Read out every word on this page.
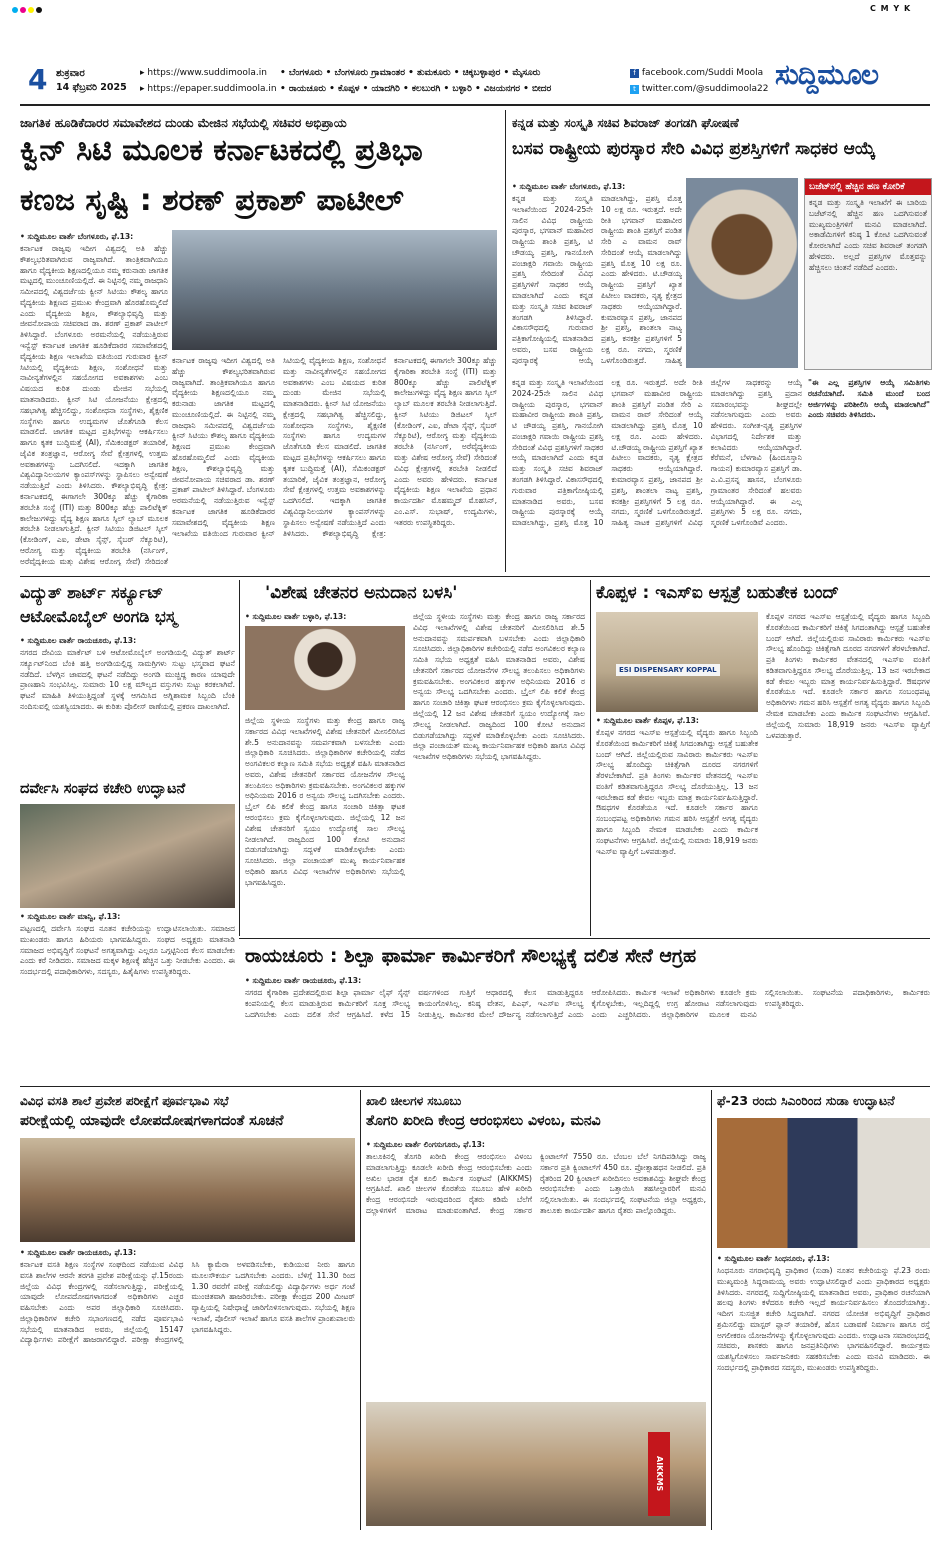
C M Y K
4 ಶುಕ್ರವಾರ
14 ಫೆಬ್ರವರಿ 2025
▸ https://www.suddimoola.in
▸ https://epaper.suddimoola.in
• ಬೆಂಗಳೂರು • ಬೆಂಗಳೂರು ಗ್ರಾಮಾಂತರ • ತುಮಕೂರು • ಚಿಕ್ಕಬಳ್ಳಾಪುರ • ಮೈಸೂರು
• ರಾಯಚೂರು • ಕೊಪ್ಪಳ • ಯಾದಗಿರಿ • ಕಲಬುರಗಿ • ಬಳ್ಳಾರಿ • ವಿಜಯನಗರ • ಬೀದರ
f facebook.com/Suddi Moola
t twitter.com/@suddimoola22 ಸುದ್ದಿಮೂಲ
ಜಾಗತಿಕ ಹೂಡಿಕೆದಾರರ ಸಮಾವೇಶದ ದುಂಡು ಮೇಜಿನ ಸಭೆಯಲ್ಲಿ ಸಚಿವರ ಅಭಿಪ್ರಾಯ
ಕ್ವಿನ್ ಸಿಟಿ ಮೂಲಕ ಕರ್ನಾಟಕದಲ್ಲಿ ಪ್ರತಿಭಾ
ಕಣಜ ಸೃಷ್ಟಿ : ಶರಣ್ ಪ್ರಕಾಶ್ ಪಾಟೀಲ್
• ಸುದ್ದಿಮೂಲ ವಾರ್ತೆ ಬೆಂಗಳೂರು, ಫೆ.13:
ಕರ್ನಾಟಕ ರಾಜ್ಯವು ಇದೀಗ ವಿಶ್ವದಲ್ಲಿ ಅತಿ ಹೆಚ್ಚು ಕೌಶಲ್ಯಭರಿತವಾಗಿರುವ ರಾಜ್ಯವಾಗಿದೆ. ತಾಂತ್ರಿಕವಾಗಿಯೂ ಹಾಗೂ ವೈದ್ಯಕೀಯ ಶಿಕ್ಷಣದಲ್ಲಿಯೂ ನಮ್ಮ ಕರುನಾಡು ಜಾಗತಿಕ ಮಟ್ಟದಲ್ಲಿ ಮುಂಚೂಣಿಯಲ್ಲಿದೆ. ಈ ನಿಟ್ಟಿನಲ್ಲಿ ನಮ್ಮ ರಾಜಧಾನಿ ಸಮೀಪದಲ್ಲಿ ವಿಶ್ವದರ್ಜೆಯ ಕ್ವೀನ್ ಸಿಟಿಯು ಕೌಶಲ್ಯ ಹಾಗೂ ವೈದ್ಯಕೀಯ ಶಿಕ್ಷಣದ ಪ್ರಮುಖ ಕೇಂದ್ರವಾಗಿ ಹೊರಹೊಮ್ಮಲಿದೆ ಎಂದು ವೈದ್ಯಕೀಯ ಶಿಕ್ಷಣ, ಕೌಶಲ್ಯಾಭಿವೃದ್ಧಿ ಮತ್ತು ಜೀವನೋಪಾಯ ಸಚಿವರಾದ ಡಾ. ಶರಣ್ ಪ್ರಕಾಶ್ ಪಾಟೀಲ್ ತಿಳಿಸಿದ್ದಾರೆ. ಬೆಂಗಳೂರು ಅರಮನೆಯಲ್ಲಿ ನಡೆಯುತ್ತಿರುವ ಇನ್ವೆಸ್ಟ್ ಕರ್ನಾಟಕ ಜಾಗತಿಕ ಹೂಡಿಕೆದಾರರ ಸಮಾವೇಶದಲ್ಲಿ ವೈದ್ಯಕೀಯ ಶಿಕ್ಷಣ ಇಲಾಖೆಯ ವತಿಯಿಂದ ಗುರುವಾರ ಕ್ವೀನ್ ಸಿಟಿಯಲ್ಲಿ ವೈದ್ಯಕೀಯ ಶಿಕ್ಷಣ, ಸಂಶೋಧನೆ ಮತ್ತು ನಾವೀನ್ಯತೆಗಳಲ್ಲಿನ ಸಹಯೋಗದ ಅವಕಾಶಗಳು ಎಂಬ ವಿಷಯದ ಕುರಿತ ದುಂಡು ಮೇಜಿನ ಸಭೆಯಲ್ಲಿ ಮಾತನಾಡಿದರು. ಕ್ವೀನ್ ಸಿಟಿ ಯೋಜನೆಯು ಕ್ಷೇತ್ರದಲ್ಲಿ ಸಹಭಾಗಿತ್ವ ಹೆಚ್ಚಿಸಲಿದ್ದು, ಸಂಶೋಧನಾ ಸಂಸ್ಥೆಗಳು, ಶೈಕ್ಷಣಿಕ ಸಂಸ್ಥೆಗಳು ಹಾಗೂ ಉದ್ಯಮಗಳ ಜೊತೆಗೂಡಿ ಕೆಲಸ ಮಾಡಲಿದೆ. ಜಾಗತಿಕ ಮಟ್ಟದ ಪ್ರತಿಭೆಗಳನ್ನು ಆಕರ್ಷಿಸಲು ಹಾಗೂ ಕೃತಕ ಬುದ್ಧಿಮತ್ತೆ (AI), ಸೆಮಿಕಂಡಕ್ಟರ್ ತಯಾರಿಕೆ, ಜೈವಿಕ ತಂತ್ರಜ್ಞಾನ, ಆರೋಗ್ಯ ಸೇವೆ ಕ್ಷೇತ್ರಗಳಲ್ಲಿ ಉತ್ತಮ ಅವಕಾಶಗಳನ್ನು ಒದಗಿಸಲಿದೆ. ಇದಕ್ಕಾಗಿ ಜಾಗತಿಕ ವಿಶ್ವವಿದ್ಯಾನಿಲಯಗಳ ಕ್ಯಾಂಪಸ್‌ಗಳನ್ನು ಸ್ಥಾಪಿಸಲು ಅನ್ವೇಷಣೆ ನಡೆಯುತ್ತಿದೆ ಎಂದು ತಿಳಿಸಿದರು. ಕೌಶಲ್ಯಾಭಿವೃದ್ಧಿ ಕ್ಷೇತ್ರ: ಕರ್ನಾಟಕದಲ್ಲಿ ಈಗಾಗಲೇ 300ಕ್ಕೂ ಹೆಚ್ಚು ಕೈಗಾರಿಕಾ ತರಬೇತಿ ಸಂಸ್ಥೆ (ITI) ಮತ್ತು 800ಕ್ಕೂ ಹೆಚ್ಚು ಪಾಲಿಟೆಕ್ನಿಕ್ ಕಾಲೇಜುಗಳಿದ್ದು ವೈದ್ಯ ಶಿಕ್ಷಣ ಹಾಗೂ ಸ್ಕಿಲ್ ಲ್ಯಾಬ್ ಮೂಲಕ ತರಬೇತಿ ನೀಡಲಾಗುತ್ತಿದೆ. ಕ್ವೀನ್ ಸಿಟಿಯು ಡಿಜಿಟಲ್ ಸ್ಕಿಲ್ (ಕೋಡಿಂಗ್, ಎಐ, ಡೇಟಾ ಸೈನ್ಸ್, ಸೈಬರ್ ಸೆಕ್ಯೂರಿಟಿ), ಆರೋಗ್ಯ ಮತ್ತು ವೈದ್ಯಕೀಯ ತರಬೇತಿ (ನರ್ಸಿಂಗ್, ಅರೆವೈದ್ಯಕೀಯ ಮತ್ತು ವಿಶೇಷ ಆರೋಗ್ಯ ಸೇವೆ) ಸೇರಿದಂತೆ
ಕರ್ನಾಟಕ ರಾಜ್ಯವು ಇದೀಗ ವಿಶ್ವದಲ್ಲಿ ಅತಿ ಹೆಚ್ಚು ಕೌಶಲ್ಯಭರಿತವಾಗಿರುವ ರಾಜ್ಯವಾಗಿದೆ. ತಾಂತ್ರಿಕವಾಗಿಯೂ ಹಾಗೂ ವೈದ್ಯಕೀಯ ಶಿಕ್ಷಣದಲ್ಲಿಯೂ ನಮ್ಮ ಕರುನಾಡು ಜಾಗತಿಕ ಮಟ್ಟದಲ್ಲಿ ಮುಂಚೂಣಿಯಲ್ಲಿದೆ. ಈ ನಿಟ್ಟಿನಲ್ಲಿ ನಮ್ಮ ರಾಜಧಾನಿ ಸಮೀಪದಲ್ಲಿ ವಿಶ್ವದರ್ಜೆಯ ಕ್ವೀನ್ ಸಿಟಿಯು ಕೌಶಲ್ಯ ಹಾಗೂ ವೈದ್ಯಕೀಯ ಶಿಕ್ಷಣದ ಪ್ರಮುಖ ಕೇಂದ್ರವಾಗಿ ಹೊರಹೊಮ್ಮಲಿದೆ ಎಂದು ವೈದ್ಯಕೀಯ ಶಿಕ್ಷಣ, ಕೌಶಲ್ಯಾಭಿವೃದ್ಧಿ ಮತ್ತು ಜೀವನೋಪಾಯ ಸಚಿವರಾದ ಡಾ. ಶರಣ್ ಪ್ರಕಾಶ್ ಪಾಟೀಲ್ ತಿಳಿಸಿದ್ದಾರೆ. ಬೆಂಗಳೂರು ಅರಮನೆಯಲ್ಲಿ ನಡೆಯುತ್ತಿರುವ ಇನ್ವೆಸ್ಟ್ ಕರ್ನಾಟಕ ಜಾಗತಿಕ ಹೂಡಿಕೆದಾರರ ಸಮಾವೇಶದಲ್ಲಿ ವೈದ್ಯಕೀಯ ಶಿಕ್ಷಣ ಇಲಾಖೆಯ ವತಿಯಿಂದ ಗುರುವಾರ ಕ್ವೀನ್ ಸಿಟಿಯಲ್ಲಿ ವೈದ್ಯಕೀಯ ಶಿಕ್ಷಣ, ಸಂಶೋಧನೆ ಮತ್ತು ನಾವೀನ್ಯತೆಗಳಲ್ಲಿನ ಸಹಯೋಗದ ಅವಕಾಶಗಳು ಎಂಬ ವಿಷಯದ ಕುರಿತ ದುಂಡು ಮೇಜಿನ ಸಭೆಯಲ್ಲಿ ಮಾತನಾಡಿದರು. ಕ್ವೀನ್ ಸಿಟಿ ಯೋಜನೆಯು ಕ್ಷೇತ್ರದಲ್ಲಿ ಸಹಭಾಗಿತ್ವ ಹೆಚ್ಚಿಸಲಿದ್ದು, ಸಂಶೋಧನಾ ಸಂಸ್ಥೆಗಳು, ಶೈಕ್ಷಣಿಕ ಸಂಸ್ಥೆಗಳು ಹಾಗೂ ಉದ್ಯಮಗಳ ಜೊತೆಗೂಡಿ ಕೆಲಸ ಮಾಡಲಿದೆ. ಜಾಗತಿಕ ಮಟ್ಟದ ಪ್ರತಿಭೆಗಳನ್ನು ಆಕರ್ಷಿಸಲು ಹಾಗೂ ಕೃತಕ ಬುದ್ಧಿಮತ್ತೆ (AI), ಸೆಮಿಕಂಡಕ್ಟರ್ ತಯಾರಿಕೆ, ಜೈವಿಕ ತಂತ್ರಜ್ಞಾನ, ಆರೋಗ್ಯ ಸೇವೆ ಕ್ಷೇತ್ರಗಳಲ್ಲಿ ಉತ್ತಮ ಅವಕಾಶಗಳನ್ನು ಒದಗಿಸಲಿದೆ. ಇದಕ್ಕಾಗಿ ಜಾಗತಿಕ ವಿಶ್ವವಿದ್ಯಾನಿಲಯಗಳ ಕ್ಯಾಂಪಸ್‌ಗಳನ್ನು ಸ್ಥಾಪಿಸಲು ಅನ್ವೇಷಣೆ ನಡೆಯುತ್ತಿದೆ ಎಂದು ತಿಳಿಸಿದರು. ಕೌಶಲ್ಯಾಭಿವೃದ್ಧಿ ಕ್ಷೇತ್ರ: ಕರ್ನಾಟಕದಲ್ಲಿ ಈಗಾಗಲೇ 300ಕ್ಕೂ ಹೆಚ್ಚು ಕೈಗಾರಿಕಾ ತರಬೇತಿ ಸಂಸ್ಥೆ (ITI) ಮತ್ತು 800ಕ್ಕೂ ಹೆಚ್ಚು ಪಾಲಿಟೆಕ್ನಿಕ್ ಕಾಲೇಜುಗಳಿದ್ದು ವೈದ್ಯ ಶಿಕ್ಷಣ ಹಾಗೂ ಸ್ಕಿಲ್ ಲ್ಯಾಬ್ ಮೂಲಕ ತರಬೇತಿ ನೀಡಲಾಗುತ್ತಿದೆ. ಕ್ವೀನ್ ಸಿಟಿಯು ಡಿಜಿಟಲ್ ಸ್ಕಿಲ್ (ಕೋಡಿಂಗ್, ಎಐ, ಡೇಟಾ ಸೈನ್ಸ್, ಸೈಬರ್ ಸೆಕ್ಯೂರಿಟಿ), ಆರೋಗ್ಯ ಮತ್ತು ವೈದ್ಯಕೀಯ ತರಬೇತಿ (ನರ್ಸಿಂಗ್, ಅರೆವೈದ್ಯಕೀಯ ಮತ್ತು ವಿಶೇಷ ಆರೋಗ್ಯ ಸೇವೆ) ಸೇರಿದಂತೆ ವಿವಿಧ ಕ್ಷೇತ್ರಗಳಲ್ಲಿ ತರಬೇತಿ ನೀಡಲಿದೆ ಎಂದು ಅವರು ಹೇಳಿದರು. ಕರ್ನಾಟಕ ವೈದ್ಯಕೀಯ ಶಿಕ್ಷಣ ಇಲಾಖೆಯ ಪ್ರಧಾನ ಕಾರ್ಯದರ್ಶಿ ಮೊಹಮ್ಮದ್ ಮೊಹಸಿನ್, ಎಂ.ಎಸ್. ಸುಭಾಷ್, ಉದ್ಯಮಿಗಳು, ಇತರರು ಉಪಸ್ಥಿತರಿದ್ದರು.
ಕನ್ನಡ ಮತ್ತು ಸಂಸ್ಕೃತಿ ಸಚಿವ ಶಿವರಾಜ್ ತಂಗಡಗಿ ಘೋಷಣೆ
ಬಸವ ರಾಷ್ಟ್ರೀಯ ಪುರಸ್ಕಾರ ಸೇರಿ ವಿವಿಧ ಪ್ರಶಸ್ತಿಗಳಿಗೆ ಸಾಧಕರ ಆಯ್ಕೆ
• ಸುದ್ದಿಮೂಲ ವಾರ್ತೆ ಬೆಂಗಳೂರು, ಫೆ.13:
ಕನ್ನಡ ಮತ್ತು ಸಂಸ್ಕೃತಿ ಇಲಾಖೆಯಿಂದ 2024-25ನೇ ಸಾಲಿನ ವಿವಿಧ ರಾಷ್ಟ್ರೀಯ ಪುರಸ್ಕಾರ, ಭಗವಾನ್ ಮಹಾವೀರ ರಾಷ್ಟ್ರೀಯ ಶಾಂತಿ ಪ್ರಶಸ್ತಿ, ಟಿ ಚೌಡಯ್ಯ ಪ್ರಶಸ್ತಿ, ಗಾನಯೋಗಿ ಪಂಚಾಕ್ಷರಿ ಗವಾಯಿ ರಾಷ್ಟ್ರೀಯ ಪ್ರಶಸ್ತಿ ಸೇರಿದಂತೆ ವಿವಿಧ ಪ್ರಶಸ್ತಿಗಳಿಗೆ ಸಾಧಕರ ಆಯ್ಕೆ ಮಾಡಲಾಗಿದೆ ಎಂದು ಕನ್ನಡ ಮತ್ತು ಸಂಸ್ಕೃತಿ ಸಚಿವ ಶಿವರಾಜ್ ತಂಗಡಗಿ ತಿಳಿಸಿದ್ದಾರೆ. ವಿಕಾಸಸೌಧದಲ್ಲಿ ಗುರುವಾರ ಪತ್ರಿಕಾಗೋಷ್ಠಿಯಲ್ಲಿ ಮಾತನಾಡಿದ ಅವರು, ಬಸವ ರಾಷ್ಟ್ರೀಯ ಪುರಸ್ಕಾರಕ್ಕೆ ಆಯ್ಕೆ ಮಾಡಲಾಗಿದ್ದು, ಪ್ರಶಸ್ತಿ ಮೊತ್ತ 10 ಲಕ್ಷ ರೂ. ಇರುತ್ತದೆ. ಅದೇ ರೀತಿ ಭಗವಾನ್ ಮಹಾವೀರ ರಾಷ್ಟ್ರೀಯ ಶಾಂತಿ ಪ್ರಶಸ್ತಿಗೆ ಪಂಡಿತ ಸೇರಿ ಎ ವಾಮನ ರಾವ್ ಸೇರಿದಂತೆ ಆಯ್ಕೆ ಮಾಡಲಾಗಿದ್ದು ಪ್ರಶಸ್ತಿ ಮೊತ್ತ 10 ಲಕ್ಷ ರೂ. ಎಂದು ಹೇಳಿದರು. ಟಿ.ಚೌಡಯ್ಯ ರಾಷ್ಟ್ರೀಯ ಪ್ರಶಸ್ತಿಗೆ ಖ್ಯಾತ ಪಿಟೀಲು ವಾದಕರು, ನೃತ್ಯ ಕ್ಷೇತ್ರದ ಸಾಧಕರು ಆಯ್ಕೆಯಾಗಿದ್ದಾರೆ. ಕುಮಾರವ್ಯಾಸ ಪ್ರಶಸ್ತಿ, ಜಾನಪದ ಶ್ರೀ ಪ್ರಶಸ್ತಿ, ಶಾಂತಲಾ ನಾಟ್ಯ ಪ್ರಶಸ್ತಿ, ಕನಕಶ್ರೀ ಪ್ರಶಸ್ತಿಗಳಿಗೆ 5 ಲಕ್ಷ ರೂ. ನಗದು, ಸ್ಮರಣಿಕೆ ಒಳಗೊಂಡಿರುತ್ತದೆ. ಸಾಹಿತ್ಯ
ಬಜೆಟ್‌ನಲ್ಲಿ ಹೆಚ್ಚಿನ ಹಣ ಕೋರಿಕೆ
ಕನ್ನಡ ಮತ್ತು ಸಂಸ್ಕೃತಿ ಇಲಾಖೆಗೆ ಈ ಬಾರಿಯ ಬಜೆಟ್‌ನಲ್ಲಿ ಹೆಚ್ಚಿನ ಹಣ ಒದಗಿಸುವಂತೆ ಮುಖ್ಯಮಂತ್ರಿಗಳಿಗೆ ಮನವಿ ಮಾಡಲಾಗಿದೆ. ಅಕಾಡೆಮಿಗಳಿಗೆ ಕನಿಷ್ಠ 1 ಕೋಟಿ ಒದಗಿಸುವಂತೆ ಕೋರಲಾಗಿದೆ ಎಂದು ಸಚಿವ ಶಿವರಾಜ್ ತಂಗಡಗಿ ಹೇಳಿದರು. ಅಲ್ಲದೆ ಪ್ರಶಸ್ತಿಗಳ ಮೊತ್ತವನ್ನು ಹೆಚ್ಚಿಸಲು ಚಿಂತನೆ ನಡೆದಿದೆ ಎಂದರು.
ಕನ್ನಡ ಮತ್ತು ಸಂಸ್ಕೃತಿ ಇಲಾಖೆಯಿಂದ 2024-25ನೇ ಸಾಲಿನ ವಿವಿಧ ರಾಷ್ಟ್ರೀಯ ಪುರಸ್ಕಾರ, ಭಗವಾನ್ ಮಹಾವೀರ ರಾಷ್ಟ್ರೀಯ ಶಾಂತಿ ಪ್ರಶಸ್ತಿ, ಟಿ ಚೌಡಯ್ಯ ಪ್ರಶಸ್ತಿ, ಗಾನಯೋಗಿ ಪಂಚಾಕ್ಷರಿ ಗವಾಯಿ ರಾಷ್ಟ್ರೀಯ ಪ್ರಶಸ್ತಿ ಸೇರಿದಂತೆ ವಿವಿಧ ಪ್ರಶಸ್ತಿಗಳಿಗೆ ಸಾಧಕರ ಆಯ್ಕೆ ಮಾಡಲಾಗಿದೆ ಎಂದು ಕನ್ನಡ ಮತ್ತು ಸಂಸ್ಕೃತಿ ಸಚಿವ ಶಿವರಾಜ್ ತಂಗಡಗಿ ತಿಳಿಸಿದ್ದಾರೆ. ವಿಕಾಸಸೌಧದಲ್ಲಿ ಗುರುವಾರ ಪತ್ರಿಕಾಗೋಷ್ಠಿಯಲ್ಲಿ ಮಾತನಾಡಿದ ಅವರು, ಬಸವ ರಾಷ್ಟ್ರೀಯ ಪುರಸ್ಕಾರಕ್ಕೆ ಆಯ್ಕೆ ಮಾಡಲಾಗಿದ್ದು, ಪ್ರಶಸ್ತಿ ಮೊತ್ತ 10 ಲಕ್ಷ ರೂ. ಇರುತ್ತದೆ. ಅದೇ ರೀತಿ ಭಗವಾನ್ ಮಹಾವೀರ ರಾಷ್ಟ್ರೀಯ ಶಾಂತಿ ಪ್ರಶಸ್ತಿಗೆ ಪಂಡಿತ ಸೇರಿ ಎ ವಾಮನ ರಾವ್ ಸೇರಿದಂತೆ ಆಯ್ಕೆ ಮಾಡಲಾಗಿದ್ದು ಪ್ರಶಸ್ತಿ ಮೊತ್ತ 10 ಲಕ್ಷ ರೂ. ಎಂದು ಹೇಳಿದರು. ಟಿ.ಚೌಡಯ್ಯ ರಾಷ್ಟ್ರೀಯ ಪ್ರಶಸ್ತಿಗೆ ಖ್ಯಾತ ಪಿಟೀಲು ವಾದಕರು, ನೃತ್ಯ ಕ್ಷೇತ್ರದ ಸಾಧಕರು ಆಯ್ಕೆಯಾಗಿದ್ದಾರೆ. ಕುಮಾರವ್ಯಾಸ ಪ್ರಶಸ್ತಿ, ಜಾನಪದ ಶ್ರೀ ಪ್ರಶಸ್ತಿ, ಶಾಂತಲಾ ನಾಟ್ಯ ಪ್ರಶಸ್ತಿ, ಕನಕಶ್ರೀ ಪ್ರಶಸ್ತಿಗಳಿಗೆ 5 ಲಕ್ಷ ರೂ. ನಗದು, ಸ್ಮರಣಿಕೆ ಒಳಗೊಂಡಿರುತ್ತದೆ. ಸಾಹಿತ್ಯ ನಾಟಕ ಪ್ರಶಸ್ತಿಗಳಿಗೆ ವಿವಿಧ ಜಿಲ್ಲೆಗಳ ಸಾಧಕರನ್ನು ಆಯ್ಕೆ ಮಾಡಲಾಗಿದ್ದು ಪ್ರಶಸ್ತಿ ಪ್ರದಾನ ಸಮಾರಂಭವನ್ನು ಶೀಘ್ರದಲ್ಲೇ ನಡೆಸಲಾಗುವುದು ಎಂದು ಅವರು ಹೇಳಿದರು. ಸಂಗೀತ-ನೃತ್ಯ ಪ್ರಶಸ್ತಿಗಳ ವಿಭಾಗದಲ್ಲಿ ನಿರ್ದೇಶಕ ಮತ್ತು ಕಲಾವಿದರು ಆಯ್ಕೆಯಾಗಿದ್ದಾರೆ. ಕೆರೆಮನೆ, ಬೆಳಗಾವಿ (ಹಿಂದೂಸ್ತಾನಿ ಗಾಯನ) ಕುಮಾರವ್ಯಾಸ ಪ್ರಶಸ್ತಿಗೆ ಡಾ. ಎ.ವಿ.ಪ್ರಸನ್ನ ಹಾಸನ, ಬೆಂಗಳೂರು ಗ್ರಾಮಾಂತರ ಸೇರಿದಂತೆ ಹಲವರು ಆಯ್ಕೆಯಾಗಿದ್ದಾರೆ. ಈ ಎಲ್ಲ ಪ್ರಶಸ್ತಿಗಳು 5 ಲಕ್ಷ ರೂ. ನಗದು, ಸ್ಮರಣಿಕೆ ಒಳಗೊಂಡಿವೆ ಎಂದರು.
"ಈ ಎಲ್ಲ ಪ್ರಶಸ್ತಿಗಳ ಆಯ್ಕೆ ಸಮಿತಿಗಳು ರಚನೆಯಾಗಿದೆ. ಸಮಿತಿ ಮುಂದೆ ಬಂದ ಅರ್ಜಿಗಳನ್ನು ಪರಿಶೀಲಿಸಿ ಆಯ್ಕೆ ಮಾಡಲಾಗಿದೆ" ಎಂದು ಸಚಿವರು ತಿಳಿಸಿದರು.
ವಿದ್ಯುತ್ ಶಾರ್ಟ್ ಸರ್ಕ್ಯೂಟ್
ಆಟೋಮೊಬೈಲ್ ಅಂಗಡಿ ಭಸ್ಮ
• ಸುದ್ದಿಮೂಲ ವಾರ್ತೆ ರಾಯಚೂರು, ಫೆ.13:
ನಗರದ ದೇವಿಯ ಮಾರ್ಕೆಟ್ ಬಳಿ ಆಟೋಮೊಬೈಲ್ ಅಂಗಡಿಯಲ್ಲಿ ವಿದ್ಯುತ್ ಶಾರ್ಟ್ ಸರ್ಕ್ಯೂಟ್‌ನಿಂದ ಬೆಂಕಿ ಹತ್ತಿ ಅಂಗಡಿಯಲ್ಲಿದ್ದ ಸಾಮಗ್ರಿಗಳು ಸುಟ್ಟು ಭಸ್ಮವಾದ ಘಟನೆ ನಡೆದಿದೆ. ಬೆಳಗ್ಗಿನ ಜಾವದಲ್ಲಿ ಘಟನೆ ನಡೆದಿದ್ದು ಅಂಗಡಿ ಮುಚ್ಚಿದ್ದ ಕಾರಣ ಯಾವುದೇ ಪ್ರಾಣಹಾನಿ ಸಂಭವಿಸಿಲ್ಲ. ಸುಮಾರು 10 ಲಕ್ಷ ಮೌಲ್ಯದ ವಸ್ತುಗಳು ಸುಟ್ಟು ಕರಕಲಾಗಿವೆ. ಘಟನೆ ಮಾಹಿತಿ ತಿಳಿಯುತ್ತಿದ್ದಂತೆ ಸ್ಥಳಕ್ಕೆ ಆಗಮಿಸಿದ ಅಗ್ನಿಶಾಮಕ ಸಿಬ್ಬಂದಿ ಬೆಂಕಿ ನಂದಿಸುವಲ್ಲಿ ಯಶಸ್ವಿಯಾದರು. ಈ ಕುರಿತು ಪೊಲೀಸ್ ಠಾಣೆಯಲ್ಲಿ ಪ್ರಕರಣ ದಾಖಲಾಗಿದೆ.
ದರ್ವೇಸಿ ಸಂಘದ ಕಚೇರಿ ಉದ್ಘಾಟನೆ
• ಸುದ್ದಿಮೂಲ ವಾರ್ತೆ ಮಾನ್ವಿ, ಫೆ.13:
ಪಟ್ಟಣದಲ್ಲಿ ದರ್ವೇಸಿ ಸಂಘದ ನೂತನ ಕಚೇರಿಯನ್ನು ಉದ್ಘಾಟಿಸಲಾಯಿತು. ಸಮಾಜದ ಮುಖಂಡರು ಹಾಗೂ ಹಿರಿಯರು ಭಾಗವಹಿಸಿದ್ದರು. ಸಂಘದ ಅಧ್ಯಕ್ಷರು ಮಾತನಾಡಿ ಸಮಾಜದ ಅಭಿವೃದ್ಧಿಗೆ ಸಂಘಟನೆ ಅಗತ್ಯವಾಗಿದ್ದು ಎಲ್ಲರೂ ಒಗ್ಗಟ್ಟಿನಿಂದ ಕೆಲಸ ಮಾಡಬೇಕು ಎಂದು ಕರೆ ನೀಡಿದರು. ಸಮಾಜದ ಮಕ್ಕಳ ಶಿಕ್ಷಣಕ್ಕೆ ಹೆಚ್ಚಿನ ಒತ್ತು ನೀಡಬೇಕು ಎಂದರು. ಈ ಸಂದರ್ಭದಲ್ಲಿ ಪದಾಧಿಕಾರಿಗಳು, ಸದಸ್ಯರು, ಹಿತೈಷಿಗಳು ಉಪಸ್ಥಿತರಿದ್ದರು.
'ವಿಶೇಷ ಚೇತನರ ಅನುದಾನ ಬಳಸಿ'
• ಸುದ್ದಿಮೂಲ ವಾರ್ತೆ ಬಳ್ಳಾರಿ, ಫೆ.13:
ಜಿಲ್ಲೆಯ ಸ್ಥಳೀಯ ಸಂಸ್ಥೆಗಳು ಮತ್ತು ಕೇಂದ್ರ ಹಾಗೂ ರಾಜ್ಯ ಸರ್ಕಾರದ ವಿವಿಧ ಇಲಾಖೆಗಳಲ್ಲಿ ವಿಶೇಷ ಚೇತನರಿಗೆ ಮೀಸಲಿರಿಸಿದ ಶೇ.5 ಅನುದಾನವನ್ನು ಸಮರ್ಪಕವಾಗಿ ಬಳಸಬೇಕು ಎಂದು ಜಿಲ್ಲಾಧಿಕಾರಿ ಸೂಚಿಸಿದರು. ಜಿಲ್ಲಾಧಿಕಾರಿಗಳ ಕಚೇರಿಯಲ್ಲಿ ನಡೆದ ಅಂಗವಿಕಲರ ಕಲ್ಯಾಣ ಸಮಿತಿ ಸಭೆಯ ಅಧ್ಯಕ್ಷತೆ ವಹಿಸಿ ಮಾತನಾಡಿದ ಅವರು, ವಿಶೇಷ ಚೇತನರಿಗೆ ಸರ್ಕಾರದ ಯೋಜನೆಗಳ ಸೌಲಭ್ಯ ತಲುಪಿಸಲು ಅಧಿಕಾರಿಗಳು ಕ್ರಮವಹಿಸಬೇಕು. ಅಂಗವಿಕಲರ ಹಕ್ಕುಗಳ ಅಧಿನಿಯಮ 2016 ರ ಅನ್ವಯ ಸೌಲಭ್ಯ ಒದಗಿಸಬೇಕು ಎಂದರು. ಬ್ರೈಲ್ ಲಿಪಿ ಕಲಿಕೆ ಕೇಂದ್ರ ಹಾಗೂ ಸಂಚಾರಿ ಚಿಕಿತ್ಸಾ ಘಟಕ ಆರಂಭಿಸಲು ಕ್ರಮ ಕೈಗೊಳ್ಳಲಾಗುವುದು. ಜಿಲ್ಲೆಯಲ್ಲಿ 12 ಜನ ವಿಶೇಷ ಚೇತನರಿಗೆ ಸ್ವಯಂ ಉದ್ಯೋಗಕ್ಕೆ ಸಾಲ ಸೌಲಭ್ಯ ನೀಡಲಾಗಿದೆ. ರಾಜ್ಯದಿಂದ 100 ಕೋಟಿ ಅನುದಾನ ಬಿಡುಗಡೆಯಾಗಿದ್ದು ಸದ್ಬಳಕೆ ಮಾಡಿಕೊಳ್ಳಬೇಕು ಎಂದು ಸೂಚಿಸಿದರು. ಜಿಲ್ಲಾ ಪಂಚಾಯತ್ ಮುಖ್ಯ ಕಾರ್ಯನಿರ್ವಾಹಕ ಅಧಿಕಾರಿ ಹಾಗೂ ವಿವಿಧ ಇಲಾಖೆಗಳ ಅಧಿಕಾರಿಗಳು ಸಭೆಯಲ್ಲಿ ಭಾಗವಹಿಸಿದ್ದರು.
ಜಿಲ್ಲೆಯ ಸ್ಥಳೀಯ ಸಂಸ್ಥೆಗಳು ಮತ್ತು ಕೇಂದ್ರ ಹಾಗೂ ರಾಜ್ಯ ಸರ್ಕಾರದ ವಿವಿಧ ಇಲಾಖೆಗಳಲ್ಲಿ ವಿಶೇಷ ಚೇತನರಿಗೆ ಮೀಸಲಿರಿಸಿದ ಶೇ.5 ಅನುದಾನವನ್ನು ಸಮರ್ಪಕವಾಗಿ ಬಳಸಬೇಕು ಎಂದು ಜಿಲ್ಲಾಧಿಕಾರಿ ಸೂಚಿಸಿದರು. ಜಿಲ್ಲಾಧಿಕಾರಿಗಳ ಕಚೇರಿಯಲ್ಲಿ ನಡೆದ ಅಂಗವಿಕಲರ ಕಲ್ಯಾಣ ಸಮಿತಿ ಸಭೆಯ ಅಧ್ಯಕ್ಷತೆ ವಹಿಸಿ ಮಾತನಾಡಿದ ಅವರು, ವಿಶೇಷ ಚೇತನರಿಗೆ ಸರ್ಕಾರದ ಯೋಜನೆಗಳ ಸೌಲಭ್ಯ ತಲುಪಿಸಲು ಅಧಿಕಾರಿಗಳು ಕ್ರಮವಹಿಸಬೇಕು. ಅಂಗವಿಕಲರ ಹಕ್ಕುಗಳ ಅಧಿನಿಯಮ 2016 ರ ಅನ್ವಯ ಸೌಲಭ್ಯ ಒದಗಿಸಬೇಕು ಎಂದರು. ಬ್ರೈಲ್ ಲಿಪಿ ಕಲಿಕೆ ಕೇಂದ್ರ ಹಾಗೂ ಸಂಚಾರಿ ಚಿಕಿತ್ಸಾ ಘಟಕ ಆರಂಭಿಸಲು ಕ್ರಮ ಕೈಗೊಳ್ಳಲಾಗುವುದು. ಜಿಲ್ಲೆಯಲ್ಲಿ 12 ಜನ ವಿಶೇಷ ಚೇತನರಿಗೆ ಸ್ವಯಂ ಉದ್ಯೋಗಕ್ಕೆ ಸಾಲ ಸೌಲಭ್ಯ ನೀಡಲಾಗಿದೆ. ರಾಜ್ಯದಿಂದ 100 ಕೋಟಿ ಅನುದಾನ ಬಿಡುಗಡೆಯಾಗಿದ್ದು ಸದ್ಬಳಕೆ ಮಾಡಿಕೊಳ್ಳಬೇಕು ಎಂದು ಸೂಚಿಸಿದರು. ಜಿಲ್ಲಾ ಪಂಚಾಯತ್ ಮುಖ್ಯ ಕಾರ್ಯನಿರ್ವಾಹಕ ಅಧಿಕಾರಿ ಹಾಗೂ ವಿವಿಧ ಇಲಾಖೆಗಳ ಅಧಿಕಾರಿಗಳು ಸಭೆಯಲ್ಲಿ ಭಾಗವಹಿಸಿದ್ದರು.
ಕೊಪ್ಪಳ : ಇಎಸ್‌ಐ ಆಸ್ಪತ್ರೆ ಬಹುತೇಕ ಬಂದ್
ESI DISPENSARY KOPPAL
• ಸುದ್ದಿಮೂಲ ವಾರ್ತೆ ಕೊಪ್ಪಳ, ಫೆ.13:
ಕೊಪ್ಪಳ ನಗರದ ಇಎಸ್‌ಐ ಆಸ್ಪತ್ರೆಯಲ್ಲಿ ವೈದ್ಯರು ಹಾಗೂ ಸಿಬ್ಬಂದಿ ಕೊರತೆಯಿಂದ ಕಾರ್ಮಿಕರಿಗೆ ಚಿಕಿತ್ಸೆ ಸಿಗದಂತಾಗಿದ್ದು ಆಸ್ಪತ್ರೆ ಬಹುತೇಕ ಬಂದ್ ಆಗಿದೆ. ಜಿಲ್ಲೆಯಲ್ಲಿರುವ ಸಾವಿರಾರು ಕಾರ್ಮಿಕರು ಇಎಸ್‌ಐ ಸೌಲಭ್ಯ ಹೊಂದಿದ್ದು ಚಿಕಿತ್ಸೆಗಾಗಿ ದೂರದ ನಗರಗಳಿಗೆ ತೆರಳಬೇಕಾಗಿದೆ. ಪ್ರತಿ ತಿಂಗಳು ಕಾರ್ಮಿಕರ ವೇತನದಲ್ಲಿ ಇಎಸ್‌ಐ ವಂತಿಗೆ ಕಡಿತವಾಗುತ್ತಿದ್ದರೂ ಸೌಲಭ್ಯ ದೊರೆಯುತ್ತಿಲ್ಲ. 13 ಜನ ಇರಬೇಕಾದ ಕಡೆ ಕೇವಲ ಇಬ್ಬರು ಮಾತ್ರ ಕಾರ್ಯನಿರ್ವಹಿಸುತ್ತಿದ್ದಾರೆ. ಔಷಧಗಳ ಕೊರತೆಯೂ ಇದೆ. ಕೂಡಲೇ ಸರ್ಕಾರ ಹಾಗೂ ಸಂಬಂಧಪಟ್ಟ ಅಧಿಕಾರಿಗಳು ಗಮನ ಹರಿಸಿ ಆಸ್ಪತ್ರೆಗೆ ಅಗತ್ಯ ವೈದ್ಯರು ಹಾಗೂ ಸಿಬ್ಬಂದಿ ನೇಮಕ ಮಾಡಬೇಕು ಎಂದು ಕಾರ್ಮಿಕ ಸಂಘಟನೆಗಳು ಆಗ್ರಹಿಸಿವೆ. ಜಿಲ್ಲೆಯಲ್ಲಿ ಸುಮಾರು 18,919 ಜನರು ಇಎಸ್‌ಐ ವ್ಯಾಪ್ತಿಗೆ ಒಳಪಡುತ್ತಾರೆ.
ಕೊಪ್ಪಳ ನಗರದ ಇಎಸ್‌ಐ ಆಸ್ಪತ್ರೆಯಲ್ಲಿ ವೈದ್ಯರು ಹಾಗೂ ಸಿಬ್ಬಂದಿ ಕೊರತೆಯಿಂದ ಕಾರ್ಮಿಕರಿಗೆ ಚಿಕಿತ್ಸೆ ಸಿಗದಂತಾಗಿದ್ದು ಆಸ್ಪತ್ರೆ ಬಹುತೇಕ ಬಂದ್ ಆಗಿದೆ. ಜಿಲ್ಲೆಯಲ್ಲಿರುವ ಸಾವಿರಾರು ಕಾರ್ಮಿಕರು ಇಎಸ್‌ಐ ಸೌಲಭ್ಯ ಹೊಂದಿದ್ದು ಚಿಕಿತ್ಸೆಗಾಗಿ ದೂರದ ನಗರಗಳಿಗೆ ತೆರಳಬೇಕಾಗಿದೆ. ಪ್ರತಿ ತಿಂಗಳು ಕಾರ್ಮಿಕರ ವೇತನದಲ್ಲಿ ಇಎಸ್‌ಐ ವಂತಿಗೆ ಕಡಿತವಾಗುತ್ತಿದ್ದರೂ ಸೌಲಭ್ಯ ದೊರೆಯುತ್ತಿಲ್ಲ. 13 ಜನ ಇರಬೇಕಾದ ಕಡೆ ಕೇವಲ ಇಬ್ಬರು ಮಾತ್ರ ಕಾರ್ಯನಿರ್ವಹಿಸುತ್ತಿದ್ದಾರೆ. ಔಷಧಗಳ ಕೊರತೆಯೂ ಇದೆ. ಕೂಡಲೇ ಸರ್ಕಾರ ಹಾಗೂ ಸಂಬಂಧಪಟ್ಟ ಅಧಿಕಾರಿಗಳು ಗಮನ ಹರಿಸಿ ಆಸ್ಪತ್ರೆಗೆ ಅಗತ್ಯ ವೈದ್ಯರು ಹಾಗೂ ಸಿಬ್ಬಂದಿ ನೇಮಕ ಮಾಡಬೇಕು ಎಂದು ಕಾರ್ಮಿಕ ಸಂಘಟನೆಗಳು ಆಗ್ರಹಿಸಿವೆ. ಜಿಲ್ಲೆಯಲ್ಲಿ ಸುಮಾರು 18,919 ಜನರು ಇಎಸ್‌ಐ ವ್ಯಾಪ್ತಿಗೆ ಒಳಪಡುತ್ತಾರೆ.
ರಾಯಚೂರು : ಶಿಲ್ಪಾ ಫಾರ್ಮಾ ಕಾರ್ಮಿಕರಿಗೆ ಸೌಲಭ್ಯಕ್ಕೆ ದಲಿತ ಸೇನೆ ಆಗ್ರಹ
• ಸುದ್ದಿಮೂಲ ವಾರ್ತೆ ರಾಯಚೂರು, ಫೆ.13:
ನಗರದ ಕೈಗಾರಿಕಾ ಪ್ರದೇಶದಲ್ಲಿರುವ ಶಿಲ್ಪಾ ಫಾರ್ಮಾ ಲೈಫ್ ಸೈನ್ಸ್ ಕಂಪನಿಯಲ್ಲಿ ಕೆಲಸ ಮಾಡುತ್ತಿರುವ ಕಾರ್ಮಿಕರಿಗೆ ಸೂಕ್ತ ಸೌಲಭ್ಯ ಒದಗಿಸಬೇಕು ಎಂದು ದಲಿತ ಸೇನೆ ಆಗ್ರಹಿಸಿದೆ. ಕಳೆದ 15 ವರ್ಷಗಳಿಂದ ಗುತ್ತಿಗೆ ಆಧಾರದಲ್ಲಿ ಕೆಲಸ ಮಾಡುತ್ತಿದ್ದರೂ ಕಾಯಂಗೊಳಿಸಿಲ್ಲ. ಕನಿಷ್ಠ ವೇತನ, ಪಿಎಫ್, ಇಎಸ್‌ಐ ಸೌಲಭ್ಯ ನೀಡುತ್ತಿಲ್ಲ. ಕಾರ್ಮಿಕರ ಮೇಲೆ ದೌರ್ಜನ್ಯ ನಡೆಸಲಾಗುತ್ತಿದೆ ಎಂದು ಆರೋಪಿಸಿದರು. ಕಾರ್ಮಿಕ ಇಲಾಖೆ ಅಧಿಕಾರಿಗಳು ಕೂಡಲೇ ಕ್ರಮ ಕೈಗೊಳ್ಳಬೇಕು, ಇಲ್ಲದಿದ್ದಲ್ಲಿ ಉಗ್ರ ಹೋರಾಟ ನಡೆಸಲಾಗುವುದು ಎಂದು ಎಚ್ಚರಿಸಿದರು. ಜಿಲ್ಲಾಧಿಕಾರಿಗಳ ಮೂಲಕ ಮನವಿ ಸಲ್ಲಿಸಲಾಯಿತು. ಸಂಘಟನೆಯ ಪದಾಧಿಕಾರಿಗಳು, ಕಾರ್ಮಿಕರು ಉಪಸ್ಥಿತರಿದ್ದರು.
ವಿವಿಧ ವಸತಿ ಶಾಲೆ ಪ್ರವೇಶ ಪರೀಕ್ಷೆಗೆ ಪೂರ್ವಭಾವಿ ಸಭೆ
ಪರೀಕ್ಷೆಯಲ್ಲಿ ಯಾವುದೇ ಲೋಪದೋಷಗಳಾಗದಂತೆ ಸೂಚನೆ
• ಸುದ್ದಿಮೂಲ ವಾರ್ತೆ ರಾಯಚೂರು, ಫೆ.13:
ಕರ್ನಾಟಕ ವಸತಿ ಶಿಕ್ಷಣ ಸಂಸ್ಥೆಗಳ ಸಂಘದಿಂದ ನಡೆಯುವ ವಿವಿಧ ವಸತಿ ಶಾಲೆಗಳ ಆರನೇ ತರಗತಿ ಪ್ರವೇಶ ಪರೀಕ್ಷೆಯನ್ನು ಫೆ.15ರಂದು ಜಿಲ್ಲೆಯ ವಿವಿಧ ಕೇಂದ್ರಗಳಲ್ಲಿ ನಡೆಸಲಾಗುತ್ತಿದ್ದು, ಪರೀಕ್ಷೆಯಲ್ಲಿ ಯಾವುದೇ ಲೋಪದೋಷಗಳಾಗದಂತೆ ಅಧಿಕಾರಿಗಳು ಎಚ್ಚರ ವಹಿಸಬೇಕು ಎಂದು ಅಪರ ಜಿಲ್ಲಾಧಿಕಾರಿ ಸೂಚಿಸಿದರು. ಜಿಲ್ಲಾಧಿಕಾರಿಗಳ ಕಚೇರಿ ಸಭಾಂಗಣದಲ್ಲಿ ನಡೆದ ಪೂರ್ವಭಾವಿ ಸಭೆಯಲ್ಲಿ ಮಾತನಾಡಿದ ಅವರು, ಜಿಲ್ಲೆಯಲ್ಲಿ 15147 ವಿದ್ಯಾರ್ಥಿಗಳು ಪರೀಕ್ಷೆಗೆ ಹಾಜರಾಗಲಿದ್ದಾರೆ. ಪರೀಕ್ಷಾ ಕೇಂದ್ರಗಳಲ್ಲಿ ಸಿಸಿ ಕ್ಯಾಮೆರಾ ಅಳವಡಿಸಬೇಕು, ಕುಡಿಯುವ ನೀರು ಹಾಗೂ ಮೂಲಸೌಕರ್ಯ ಒದಗಿಸಬೇಕು ಎಂದರು. ಬೆಳಿಗ್ಗೆ 11.30 ರಿಂದ 1.30 ರವರೆಗೆ ಪರೀಕ್ಷೆ ನಡೆಯಲಿದ್ದು ವಿದ್ಯಾರ್ಥಿಗಳು ಅರ್ಧ ಗಂಟೆ ಮುಂಚಿತವಾಗಿ ಹಾಜರಿರಬೇಕು. ಪರೀಕ್ಷಾ ಕೇಂದ್ರದ 200 ಮೀಟರ್ ವ್ಯಾಪ್ತಿಯಲ್ಲಿ ನಿಷೇಧಾಜ್ಞೆ ಜಾರಿಗೊಳಿಸಲಾಗುವುದು. ಸಭೆಯಲ್ಲಿ ಶಿಕ್ಷಣ ಇಲಾಖೆ, ಪೊಲೀಸ್ ಇಲಾಖೆ ಹಾಗೂ ವಸತಿ ಶಾಲೆಗಳ ಪ್ರಾಂಶುಪಾಲರು ಭಾಗವಹಿಸಿದ್ದರು.
ಖಾಲಿ ಚೀಲಗಳ ಸಬೂಬು
ತೊಗರಿ ಖರೀದಿ ಕೇಂದ್ರ ಆರಂಭಿಸಲು ವಿಳಂಬ, ಮನವಿ
• ಸುದ್ದಿಮೂಲ ವಾರ್ತೆ ಲಿಂಗಸುಗೂರು, ಫೆ.13:
ತಾಲೂಕಿನಲ್ಲಿ ತೊಗರಿ ಖರೀದಿ ಕೇಂದ್ರ ಆರಂಭಿಸಲು ವಿಳಂಬ ಮಾಡಲಾಗುತ್ತಿದ್ದು ಕೂಡಲೇ ಖರೀದಿ ಕೇಂದ್ರ ಆರಂಭಿಸಬೇಕು ಎಂದು ಅಖಿಲ ಭಾರತ ರೈತ ಕೂಲಿ ಕಾರ್ಮಿಕ ಸಂಘಟನೆ (AIKKMS) ಆಗ್ರಹಿಸಿದೆ. ಖಾಲಿ ಚೀಲಗಳ ಕೊರತೆಯ ಸಬೂಬು ಹೇಳಿ ಖರೀದಿ ಕೇಂದ್ರ ಆರಂಭಿಸದೇ ಇರುವುದರಿಂದ ರೈತರು ಕಡಿಮೆ ಬೆಲೆಗೆ ದಲ್ಲಾಳಿಗಳಿಗೆ ಮಾರಾಟ ಮಾಡುವಂತಾಗಿದೆ. ಕೇಂದ್ರ ಸರ್ಕಾರ ಕ್ವಿಂಟಾಲ್‌ಗೆ 7550 ರೂ. ಬೆಂಬಲ ಬೆಲೆ ನಿಗದಿಪಡಿಸಿದ್ದು ರಾಜ್ಯ ಸರ್ಕಾರ ಪ್ರತಿ ಕ್ವಿಂಟಾಲ್‌ಗೆ 450 ರೂ. ಪ್ರೋತ್ಸಾಹಧನ ನೀಡಲಿದೆ. ಪ್ರತಿ ರೈತರಿಂದ 20 ಕ್ವಿಂಟಾಲ್ ಖರೀದಿಸಲು ಅವಕಾಶವಿದ್ದು ಶೀಘ್ರವೇ ಕೇಂದ್ರ ಆರಂಭಿಸಬೇಕು ಎಂದು ಒತ್ತಾಯಿಸಿ ತಹಸೀಲ್ದಾರರಿಗೆ ಮನವಿ ಸಲ್ಲಿಸಲಾಯಿತು. ಈ ಸಂದರ್ಭದಲ್ಲಿ ಸಂಘಟನೆಯ ಜಿಲ್ಲಾ ಅಧ್ಯಕ್ಷರು, ತಾಲೂಕು ಕಾರ್ಯದರ್ಶಿ ಹಾಗೂ ರೈತರು ಪಾಲ್ಗೊಂಡಿದ್ದರು.
AIKKMS
ಫೆ-23 ರಂದು ಸಿಎಂರಿಂದ ಸುಡಾ ಉದ್ಘಾಟನೆ
• ಸುದ್ದಿಮೂಲ ವಾರ್ತೆ ಸಿಂಧನೂರು, ಫೆ.13:
ಸಿಂಧನೂರು ನಗರಾಭಿವೃದ್ಧಿ ಪ್ರಾಧಿಕಾರ (ಸುಡಾ) ನೂತನ ಕಚೇರಿಯನ್ನು ಫೆ.23 ರಂದು ಮುಖ್ಯಮಂತ್ರಿ ಸಿದ್ದರಾಮಯ್ಯ ಅವರು ಉದ್ಘಾಟಿಸಲಿದ್ದಾರೆ ಎಂದು ಪ್ರಾಧಿಕಾರದ ಅಧ್ಯಕ್ಷರು ತಿಳಿಸಿದರು. ನಗರದಲ್ಲಿ ಸುದ್ದಿಗೋಷ್ಠಿಯಲ್ಲಿ ಮಾತನಾಡಿದ ಅವರು, ಪ್ರಾಧಿಕಾರ ರಚನೆಯಾಗಿ ಹಲವು ತಿಂಗಳು ಕಳೆದರೂ ಕಚೇರಿ ಇಲ್ಲದೆ ಕಾರ್ಯನಿರ್ವಹಿಸಲು ತೊಂದರೆಯಾಗಿತ್ತು. ಇದೀಗ ಸುಸಜ್ಜಿತ ಕಚೇರಿ ಸಿದ್ಧವಾಗಿದೆ. ನಗರದ ಯೋಜಿತ ಅಭಿವೃದ್ಧಿಗೆ ಪ್ರಾಧಿಕಾರ ಶ್ರಮಿಸಲಿದ್ದು ಮಾಸ್ಟರ್ ಪ್ಲಾನ್ ತಯಾರಿಕೆ, ಹೊಸ ಬಡಾವಣೆ ನಿರ್ಮಾಣ ಹಾಗೂ ರಸ್ತೆ ಅಗಲೀಕರಣ ಯೋಜನೆಗಳನ್ನು ಕೈಗೊಳ್ಳಲಾಗುವುದು ಎಂದರು. ಉದ್ಘಾಟನಾ ಸಮಾರಂಭದಲ್ಲಿ ಸಚಿವರು, ಶಾಸಕರು ಹಾಗೂ ಜನಪ್ರತಿನಿಧಿಗಳು ಭಾಗವಹಿಸಲಿದ್ದಾರೆ. ಕಾರ್ಯಕ್ರಮ ಯಶಸ್ವಿಗೊಳಿಸಲು ಸಾರ್ವಜನಿಕರು ಸಹಕರಿಸಬೇಕು ಎಂದು ಮನವಿ ಮಾಡಿದರು. ಈ ಸಂದರ್ಭದಲ್ಲಿ ಪ್ರಾಧಿಕಾರದ ಸದಸ್ಯರು, ಮುಖಂಡರು ಉಪಸ್ಥಿತರಿದ್ದರು.
